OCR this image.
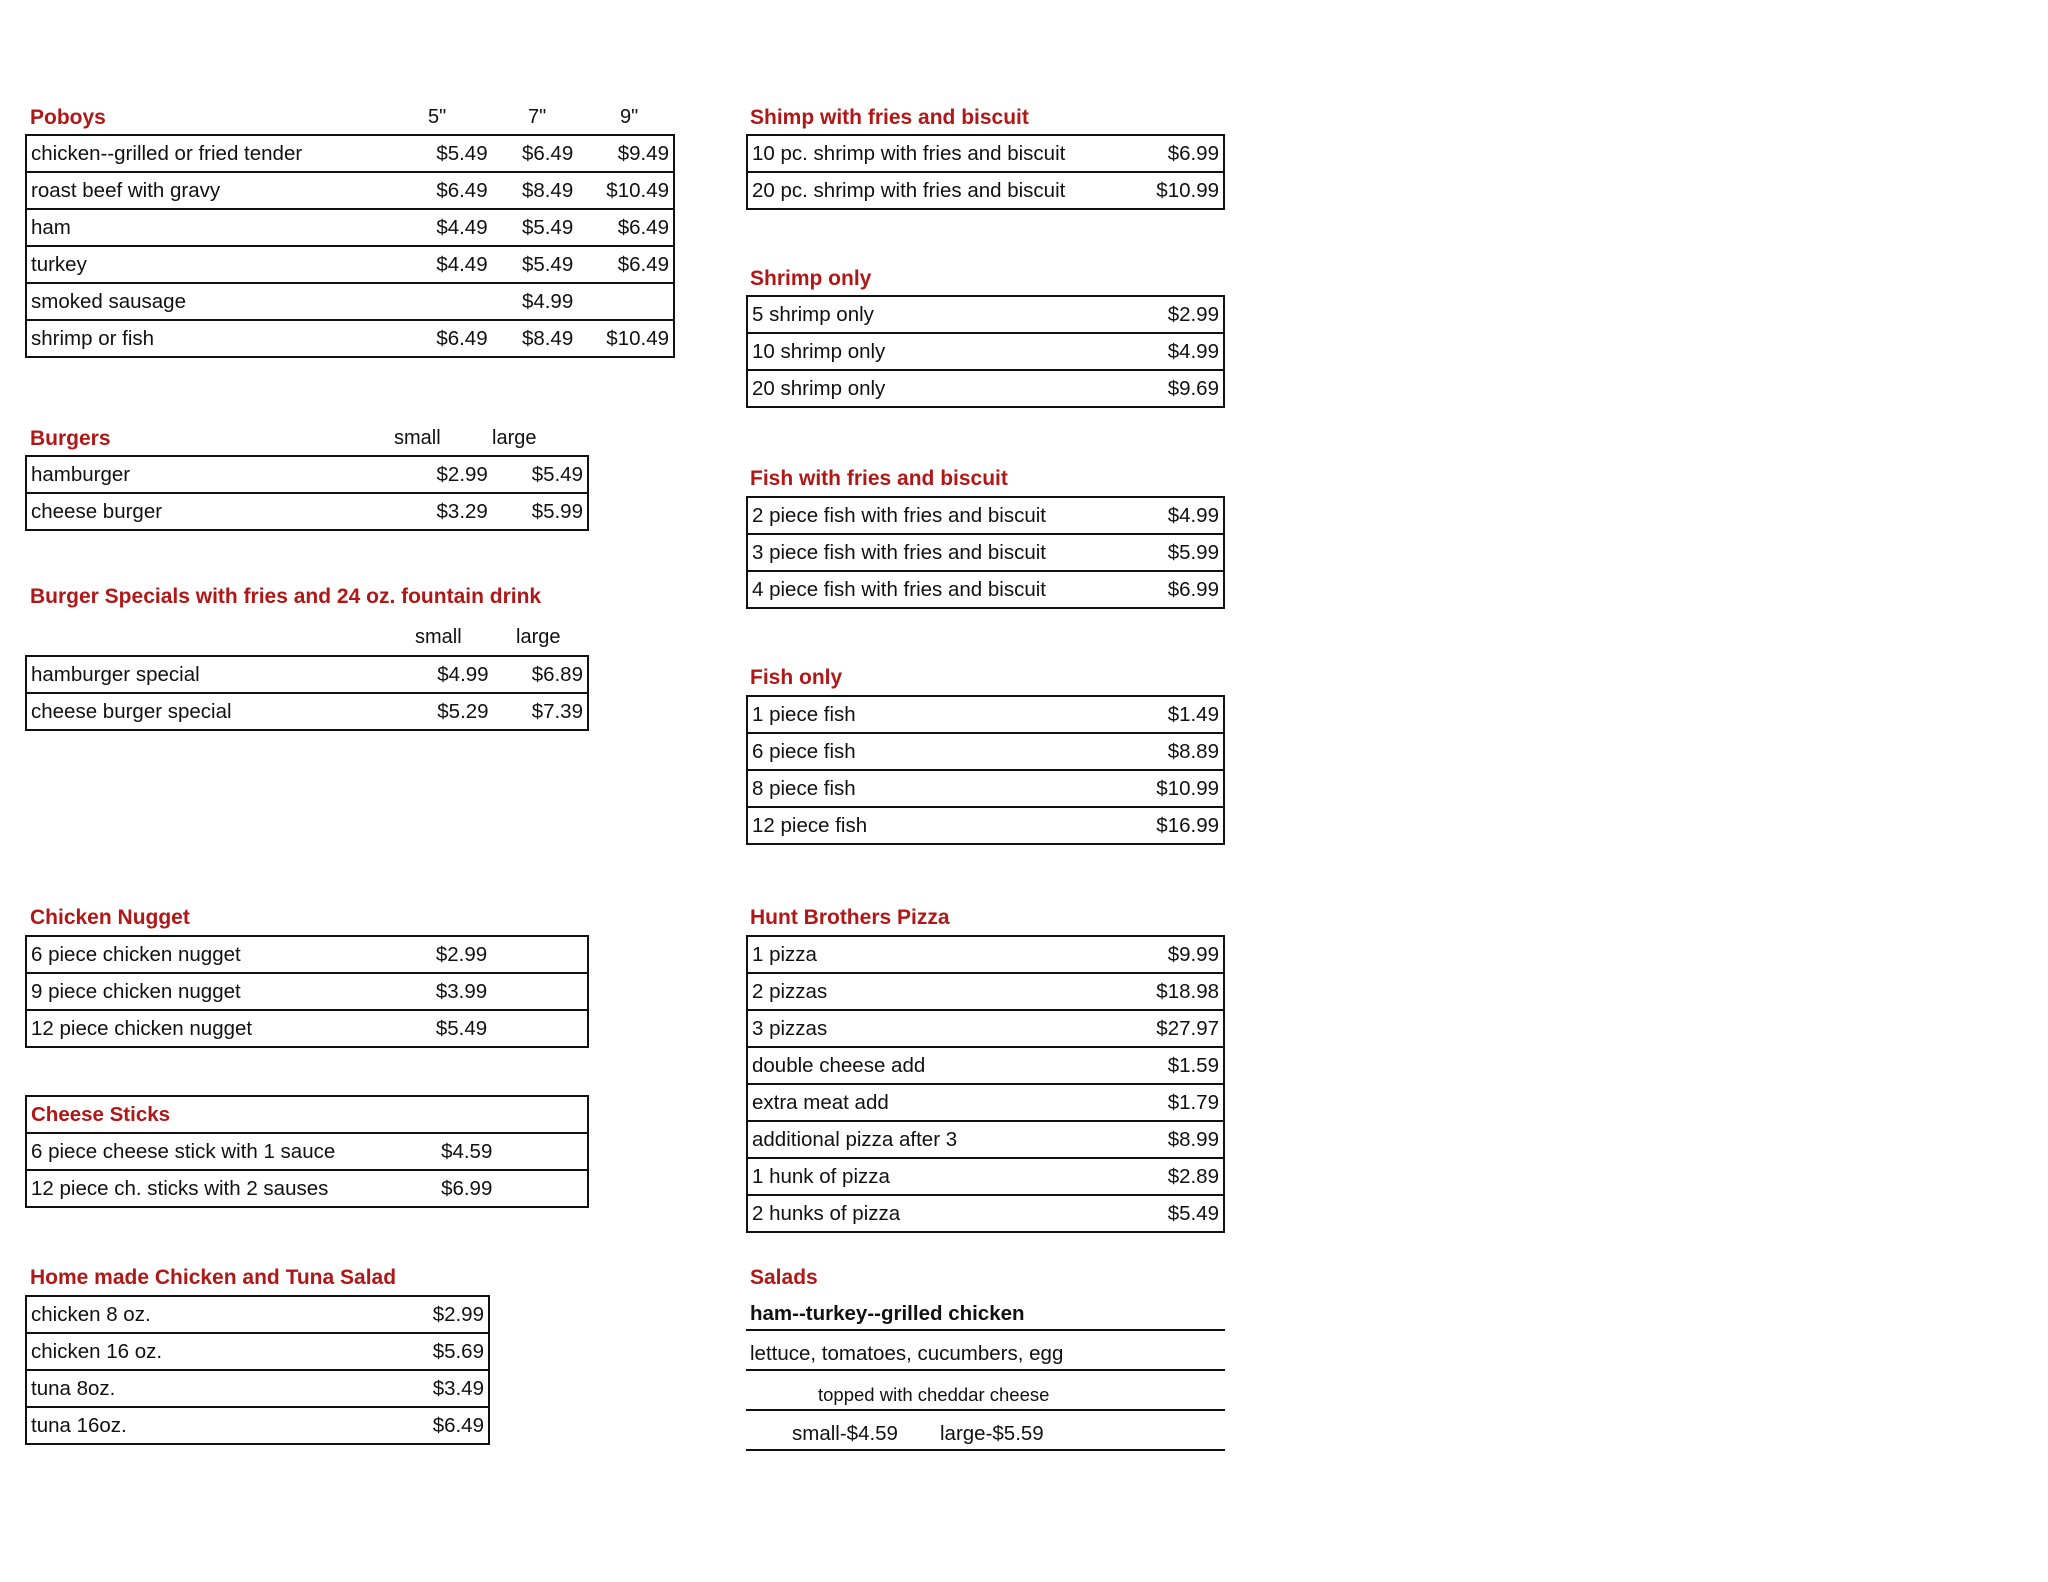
Poboys	5"	7"	9"
chicken--grilled or fried tender	$5.49	$6.49	$9.49
roast beef with gravy	$6.49	$8.49	$10.49
ham	$4.49	$5.49	$6.49
turkey	$4.49	$5.49	$6.49
smoked sausage		$4.99	
shrimp or fish	$6.49	$8.49	$10.49
Burgers	small	large
hamburger	$2.99	$5.49
cheese burger	$3.29	$5.99
Burger Specials with fries and 24 oz. fountain drink
small	large
hamburger special	$4.99	$6.89
cheese burger special	$5.29	$7.39
Chicken Nugget
6 piece chicken nugget	$2.99
9 piece chicken nugget	$3.99
12 piece chicken nugget	$5.49
Cheese Sticks	
6 piece cheese stick with 1 sauce	$4.59
12 piece ch. sticks with 2 sauses	$6.99
Home made Chicken and Tuna Salad
chicken 8 oz.	$2.99
chicken 16 oz.	$5.69
tuna 8oz.	$3.49
tuna 16oz.	$6.49
Shimp with fries and biscuit
10 pc. shrimp with fries and biscuit	$6.99
20 pc. shrimp with fries and biscuit	$10.99
Shrimp only
5 shrimp only	$2.99
10 shrimp only	$4.99
20 shrimp only	$9.69
Fish with fries and biscuit
2 piece fish with fries and biscuit	$4.99
3 piece fish with fries and biscuit	$5.99
4 piece fish with fries and biscuit	$6.99
Fish only
1 piece fish	$1.49
6 piece fish	$8.89
8 piece fish	$10.99
12 piece fish	$16.99
Hunt Brothers Pizza
1 pizza	$9.99
2 pizzas	$18.98
3 pizzas	$27.97
double cheese add	$1.59
extra meat add	$1.79
additional pizza after 3	$8.99
1 hunk of pizza	$2.89
2 hunks of pizza	$5.49
Salads
ham--turkey--grilled chicken
lettuce, tomatoes, cucumbers, egg
topped with cheddar cheese
small-$4.59 large-$5.59
